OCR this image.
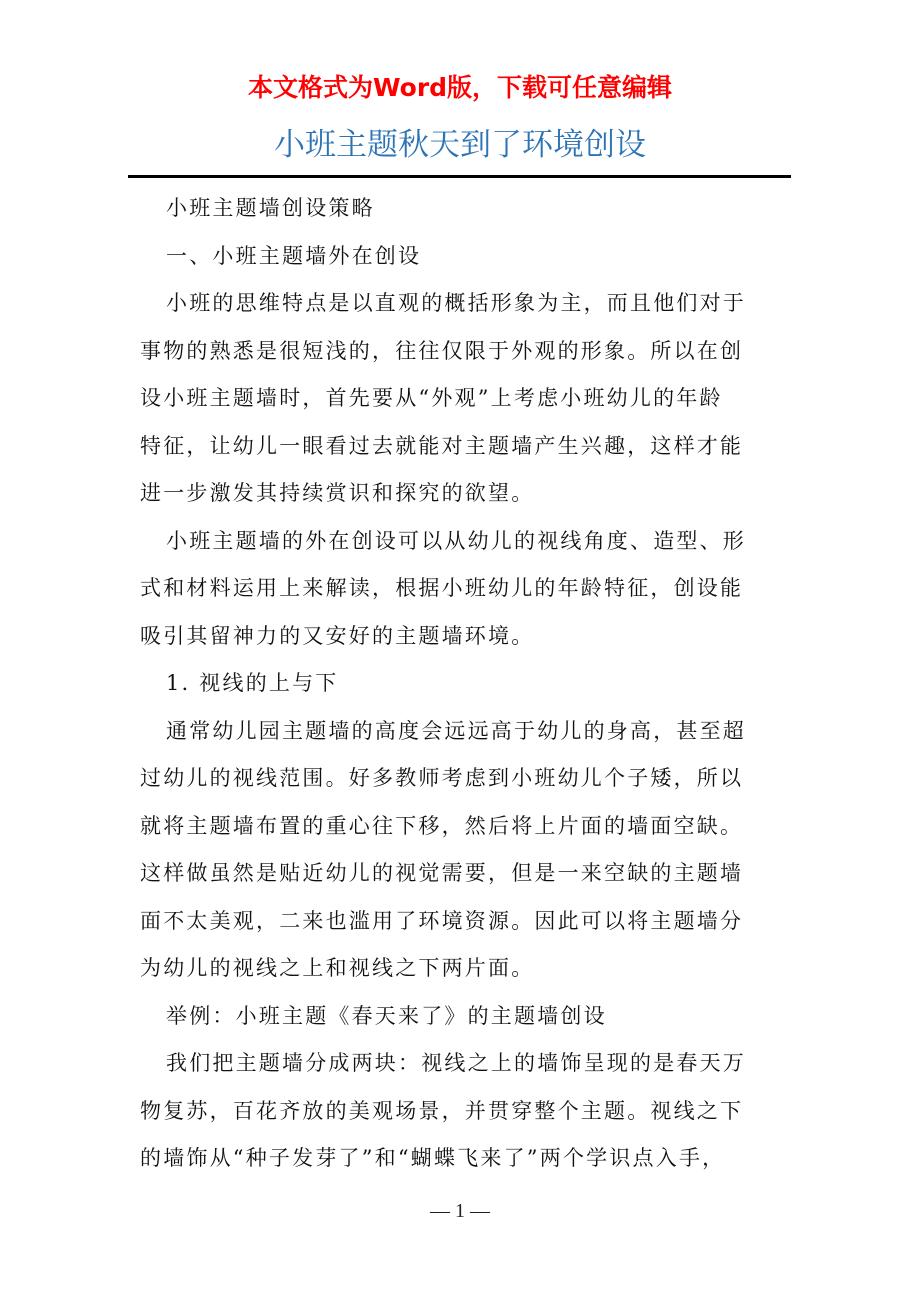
本文格式为Word版，下载可任意编辑
小班主题秋天到了环境创设
小班主题墙创设策略
一、小班主题墙外在创设
小班的思维特点是以直观的概括形象为主，而且他们对于
事物的熟悉是很短浅的，往往仅限于外观的形象。所以在创
设小班主题墙时，首先要从“外观”上考虑小班幼儿的年龄
特征，让幼儿一眼看过去就能对主题墙产生兴趣，这样才能
进一步激发其持续赏识和探究的欲望。
小班主题墙的外在创设可以从幼儿的视线角度、造型、形
式和材料运用上来解读，根据小班幼儿的年龄特征，创设能
吸引其留神力的又安好的主题墙环境。
1. 视线的上与下
通常幼儿园主题墙的高度会远远高于幼儿的身高，甚至超
过幼儿的视线范围。好多教师考虑到小班幼儿个子矮，所以
就将主题墙布置的重心往下移，然后将上片面的墙面空缺。
这样做虽然是贴近幼儿的视觉需要，但是一来空缺的主题墙
面不太美观，二来也滥用了环境资源。因此可以将主题墙分
为幼儿的视线之上和视线之下两片面。
举例：小班主题《春天来了》的主题墙创设
我们把主题墙分成两块：视线之上的墙饰呈现的是春天万
物复苏，百花齐放的美观场景，并贯穿整个主题。视线之下
的墙饰从“种子发芽了”和“蝴蝶飞来了”两个学识点入手，
— 1 —
